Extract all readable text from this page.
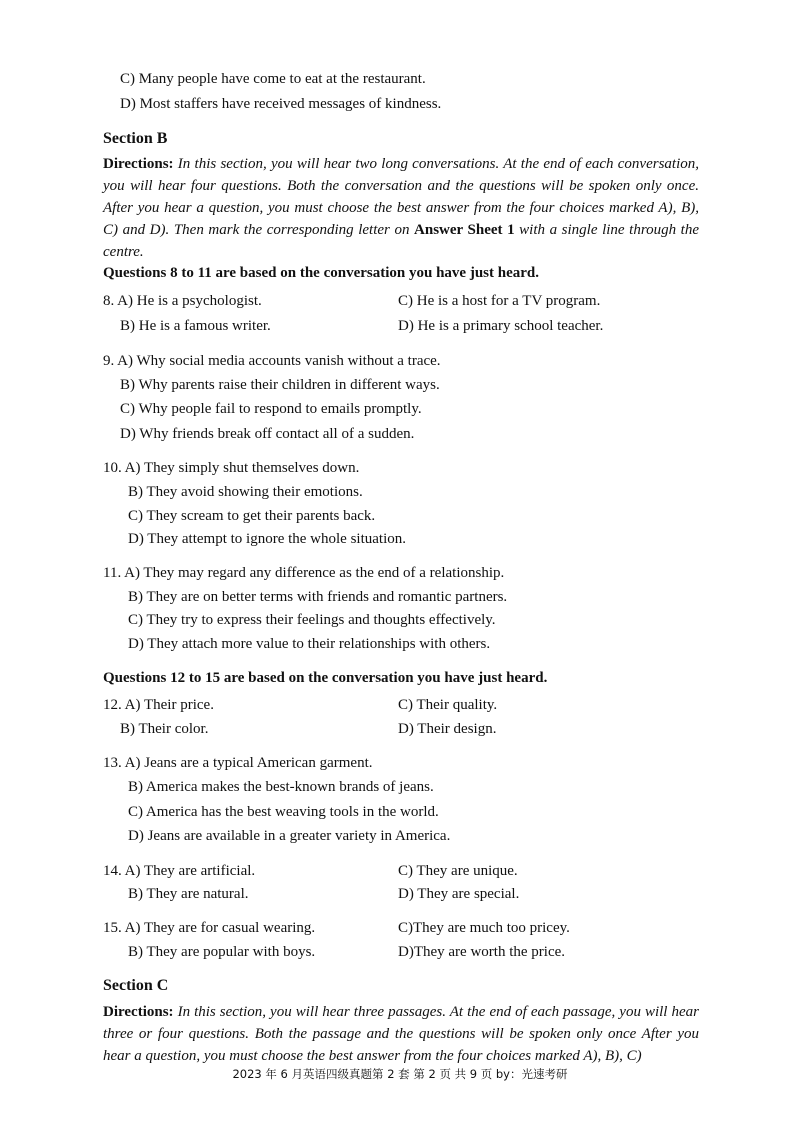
C) Many people have come to eat at the restaurant.
D) Most staffers have received messages of kindness.
Section B
Directions: In this section, you will hear two long conversations. At the end of each conversation, you will hear four questions. Both the conversation and the questions will be spoken only once. After you hear a question, you must choose the best answer from the four choices marked A), B), C) and D). Then mark the corresponding letter on Answer Sheet 1 with a single line through the centre.
Questions 8 to 11 are based on the conversation you have just heard.
8. A) He is a psychologist.	C) He is a host for a TV program.
B) He is a famous writer.	D) He is a primary school teacher.
9. A) Why social media accounts vanish without a trace.
B) Why parents raise their children in different ways.
C) Why people fail to respond to emails promptly.
D) Why friends break off contact all of a sudden.
10. A) They simply shut themselves down.
B) They avoid showing their emotions.
C) They scream to get their parents back.
D) They attempt to ignore the whole situation.
11. A) They may regard any difference as the end of a relationship.
B) They are on better terms with friends and romantic partners.
C) They try to express their feelings and thoughts effectively.
D) They attach more value to their relationships with others.
Questions 12 to 15 are based on the conversation you have just heard.
12. A) Their price.	C) Their quality.
B) Their color.	D) Their design.
13. A) Jeans are a typical American garment.
B) America makes the best-known brands of jeans.
C) America has the best weaving tools in the world.
D) Jeans are available in a greater variety in America.
14. A) They are artificial.	C) They are unique.
B) They are natural.	D) They are special.
15. A) They are for casual wearing.	C)They are much too pricey.
B) They are popular with boys.	D)They are worth the price.
Section C
Directions: In this section, you will hear three passages. At the end of each passage, you will hear three or four questions. Both the passage and the questions will be spoken only once After you hear a question, you must choose the best answer from the four choices marked A), B), C)
2023 年 6 月英语四级真题第 2 套 第 2 页 共 9 页 by：光速考研
